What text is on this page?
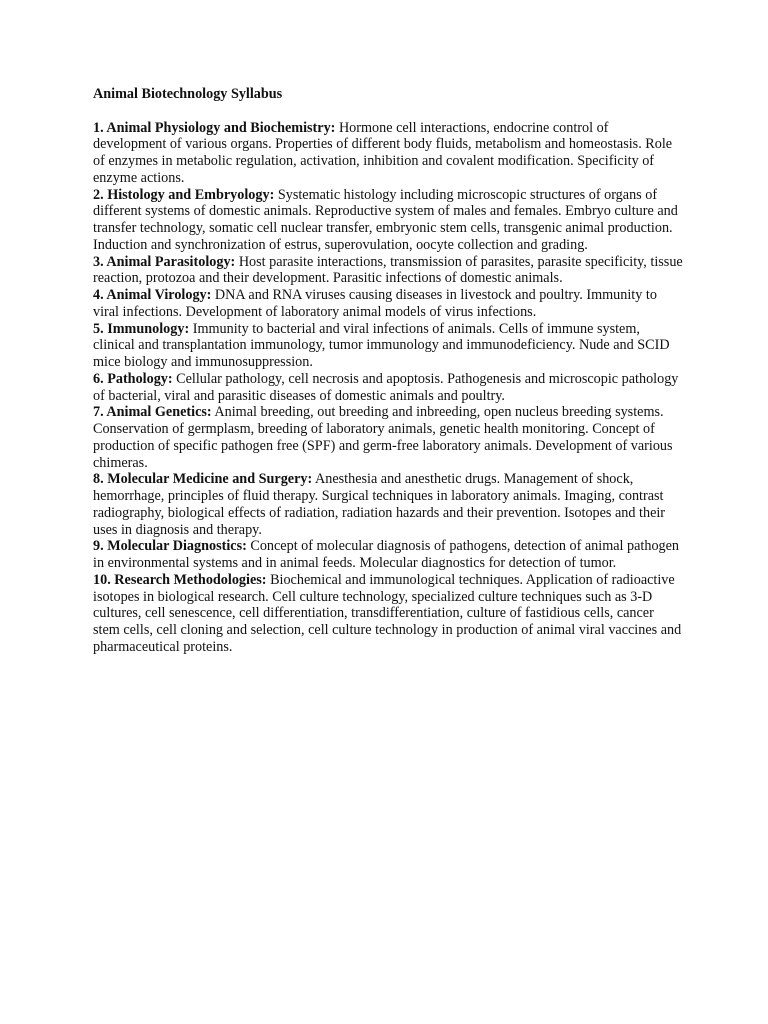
Animal Biotechnology Syllabus

1. Animal Physiology and Biochemistry: Hormone cell interactions, endocrine control of development of various organs. Properties of different body fluids, metabolism and homeostasis. Role of enzymes in metabolic regulation, activation, inhibition and covalent modification. Specificity of enzyme actions.

2. Histology and Embryology: Systematic histology including microscopic structures of organs of different systems of domestic animals. Reproductive system of males and females. Embryo culture and transfer technology, somatic cell nuclear transfer, embryonic stem cells, transgenic animal production. Induction and synchronization of estrus, superovulation, oocyte collection and grading.

3. Animal Parasitology: Host parasite interactions, transmission of parasites, parasite specificity, tissue reaction, protozoa and their development. Parasitic infections of domestic animals.

4. Animal Virology: DNA and RNA viruses causing diseases in livestock and poultry. Immunity to viral infections. Development of laboratory animal models of virus infections.

5. Immunology: Immunity to bacterial and viral infections of animals. Cells of immune system, clinical and transplantation immunology, tumor immunology and immunodeficiency. Nude and SCID mice biology and immunosuppression.

6. Pathology: Cellular pathology, cell necrosis and apoptosis. Pathogenesis and microscopic pathology of bacterial, viral and parasitic diseases of domestic animals and poultry.

7. Animal Genetics: Animal breeding, out breeding and inbreeding, open nucleus breeding systems. Conservation of germplasm, breeding of laboratory animals, genetic health monitoring. Concept of production of specific pathogen free (SPF) and germ-free laboratory animals. Development of various chimeras.

8. Molecular Medicine and Surgery: Anesthesia and anesthetic drugs. Management of shock, hemorrhage, principles of fluid therapy. Surgical techniques in laboratory animals. Imaging, contrast radiography, biological effects of radiation, radiation hazards and their prevention. Isotopes and their uses in diagnosis and therapy.

9. Molecular Diagnostics: Concept of molecular diagnosis of pathogens, detection of animal pathogen in environmental systems and in animal feeds. Molecular diagnostics for detection of tumor.

10. Research Methodologies: Biochemical and immunological techniques. Application of radioactive isotopes in biological research. Cell culture technology, specialized culture techniques such as 3-D cultures, cell senescence, cell differentiation, transdifferentiation, culture of fastidious cells, cancer stem cells, cell cloning and selection, cell culture technology in production of animal viral vaccines and pharmaceutical proteins.
